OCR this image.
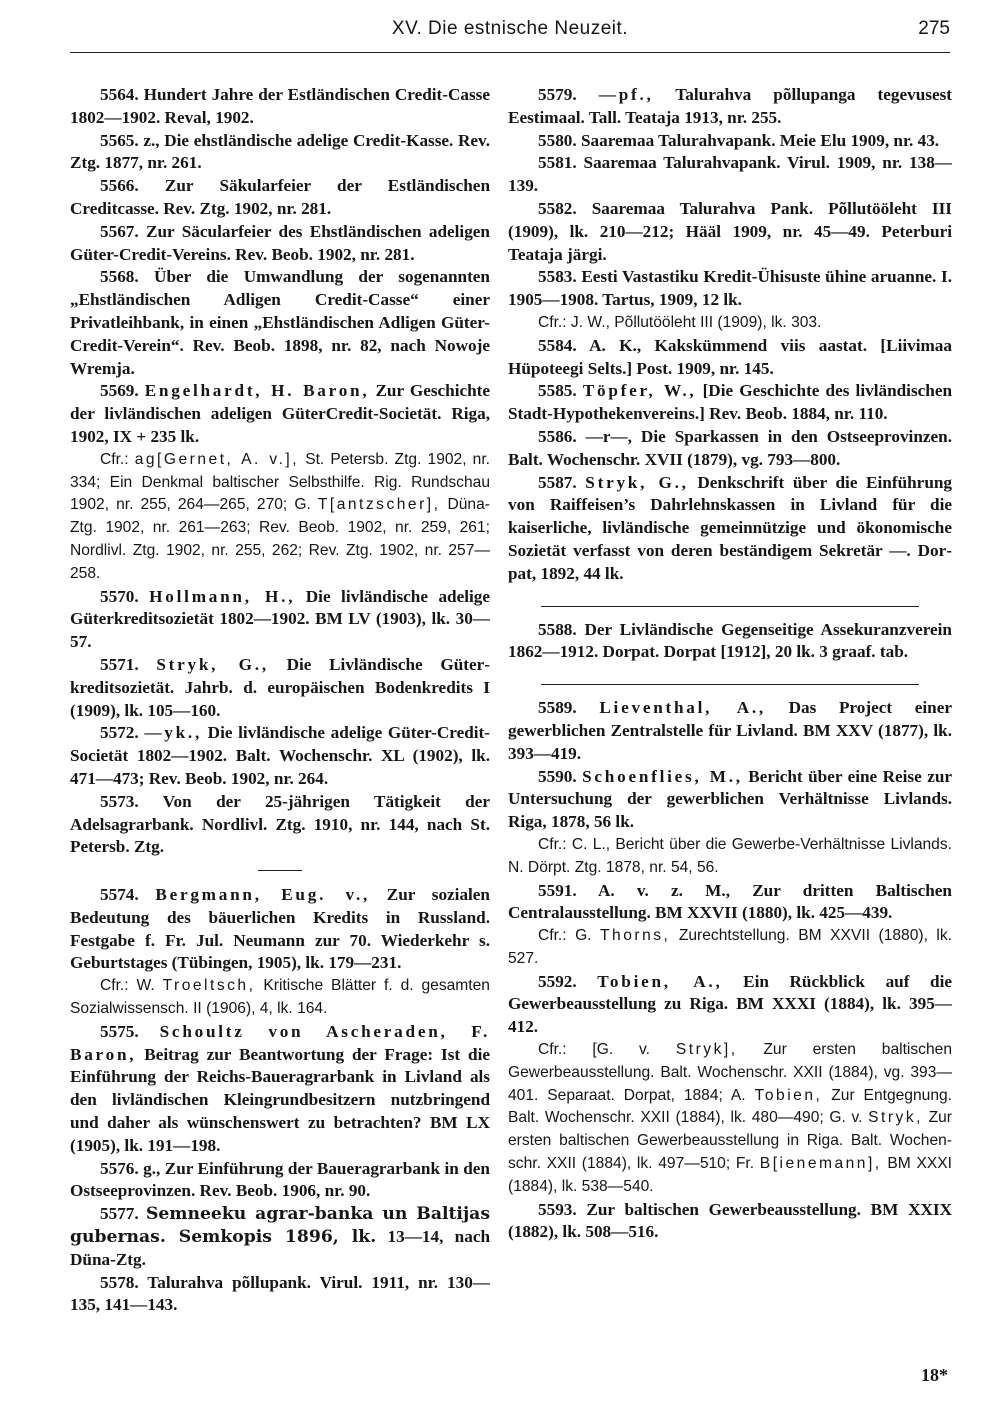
XV. Die estnische Neuzeit.	275

5564. Hundert Jahre der Estländischen Credit-Casse 1802—1902. Reval, 1902.

5565. z., Die ehstländische adelige Credit-Kasse. Rev. Ztg. 1877, nr. 261.

5566. Zur Säkularfeier der Estländischen Creditcasse. Rev. Ztg. 1902, nr. 281.

5567. Zur Säcularfeier des Ehstländischen adeligen Güter-Credit-Vereins. Rev. Beob. 1902, nr. 281.

5568. Über die Umwandlung der sogenannten „Ehstländischen Adligen Credit-Casse“ einer Privatleihbank, in einen „Ehstländischen Adligen Güter-Credit-Verein“. Rev. Beob. 1898, nr. 82, nach Nowoje Wremja.

5569. Engelhardt, H. Baron, Zur Geschichte der livländischen adeligen GüterCredit-Societät. Riga, 1902, IX + 235 lk.

Cfr.: ag[Gernet, A. v.], St. Petersb. Ztg. 1902, nr. 334; Ein Denkmal baltischer Selbsthilfe. Rig. Rundschau 1902, nr. 255, 264—265, 270; G. T[antzscher], Düna-Ztg. 1902, nr. 261—263; Rev. Beob. 1902, nr. 259, 261; Nordlivl. Ztg. 1902, nr. 255, 262; Rev. Ztg. 1902, nr. 257—258.

5570. Hollmann, H., Die livländische adelige Güterkreditsozietät 1802—1902. BM LV (1903), lk. 30—57.

5571. Stryk, G., Die Livländische Güterkreditsozietät. Jahrb. d. europäischen Bodenkredits I (1909), lk. 105—160.

5572. —yk., Die livländische adelige Güter-Credit-Societät 1802—1902. Balt. Wochenschr. XL (1902), lk. 471—473; Rev. Beob. 1902, nr. 264.

5573. Von der 25-jährigen Tätigkeit der Adelsagrarbank. Nordlivl. Ztg. 1910, nr. 144, nach St. Petersb. Ztg.

5574. Bergmann, Eug. v., Zur sozialen Bedeutung des bäuerlichen Kredits in Russland. Festgabe f. Fr. Jul. Neumann zur 70. Wiederkehr s. Geburtstages (Tübingen, 1905), lk. 179—231.

Cfr.: W. Troeltsch, Kritische Blätter f. d. gesamten Sozialwissensch. II (1906), 4, lk. 164.

5575. Schoultz von Ascheraden, F. Baron, Beitrag zur Beantwortung der Frage: Ist die Einführung der Reichs-Baueragrarbank in Livland als den livländischen Kleingrundbesitzern nutzbringend und daher als wünschenswert zu betrachten? BM LX (1905), lk. 191—198.

5576. g., Zur Einführung der Baueragrarbank in den Ostseeprovinzen. Rev. Beob. 1906, nr. 90.

5577. Semneeku agrar-banka un Baltijas gubernas. Semkopis 1896, lk. 13—14, nach Düna-Ztg.

5578. Talurahva põllupank. Virul. 1911, nr. 130—135, 141—143.

5579. —pf., Talurahva põllupanga tegevusest Eestimaal. Tall. Teataja 1913, nr. 255.

5580. Saaremaa Talurahvapank. Meie Elu 1909, nr. 43.

5581. Saaremaa Talurahvapank. Virul. 1909, nr. 138—139.

5582. Saaremaa Talurahva Pank. Põllutööleht III (1909), lk. 210—212; Hääl 1909, nr. 45—49. Peterburi Teataja järgi.

5583. Eesti Vastastiku Kredit-Ühisuste ühine aruanne. I. 1905—1908. Tartus, 1909, 12 lk.

Cfr.: J. W., Põllutööleht III (1909), lk. 303.

5584. A. K., Kakskümmend viis aastat. [Liivimaa Hüpoteegi Selts.] Post. 1909, nr. 145.

5585. Töpfer, W., [Die Geschichte des livländischen Stadt-Hypothekenvereins.] Rev. Beob. 1884, nr. 110.

5586. —r—, Die Sparkassen in den Ostseeprovinzen. Balt. Wochenschr. XVII (1879), vg. 793—800.

5587. Stryk, G., Denkschrift über die Einführung von Raiffeisen’s Dahrlehnskassen in Livland für die kaiserliche, livländische gemeinnützige und ökonomische Sozietät verfasst von deren beständigem Sekretär —. Dorpat, 1892, 44 lk.

5588. Der Livländische Gegenseitige Assekuranzverein 1862—1912. Dorpat. Dorpat [1912], 20 lk. 3 graaf. tab.

5589. Lieventhal, A., Das Project einer gewerblichen Zentralstelle für Livland. BM XXV (1877), lk. 393—419.

5590. Schoenflies, M., Bericht über eine Reise zur Untersuchung der gewerblichen Verhältnisse Livlands. Riga, 1878, 56 lk.

Cfr.: C. L., Bericht über die Gewerbe-Verhältnisse Livlands. N. Dörpt. Ztg. 1878, nr. 54, 56.

5591. A. v. z. M., Zur dritten Baltischen Centralausstellung. BM XXVII (1880), lk. 425—439.

Cfr.: G. Thorns, Zurechtstellung. BM XXVII (1880), lk. 527.

5592. Tobien, A., Ein Rückblick auf die Gewerbeausstellung zu Riga. BM XXXI (1884), lk. 395—412.

Cfr.: [G. v. Stryk], Zur ersten baltischen Gewerbeausstellung. Balt. Wochenschr. XXII (1884), vg. 393—401. Separaat. Dorpat, 1884; A. Tobien, Zur Entgegnung. Balt. Wochenschr. XXII (1884), lk. 480—490; G. v. Stryk, Zur ersten baltischen Gewerbeausstellung in Riga. Balt. Wochenschr. XXII (1884), lk. 497—510; Fr. B[ienemann], BM XXXI (1884), lk. 538—540.

5593. Zur baltischen Gewerbeausstellung. BM XXIX (1882), lk. 508—516.

18*
